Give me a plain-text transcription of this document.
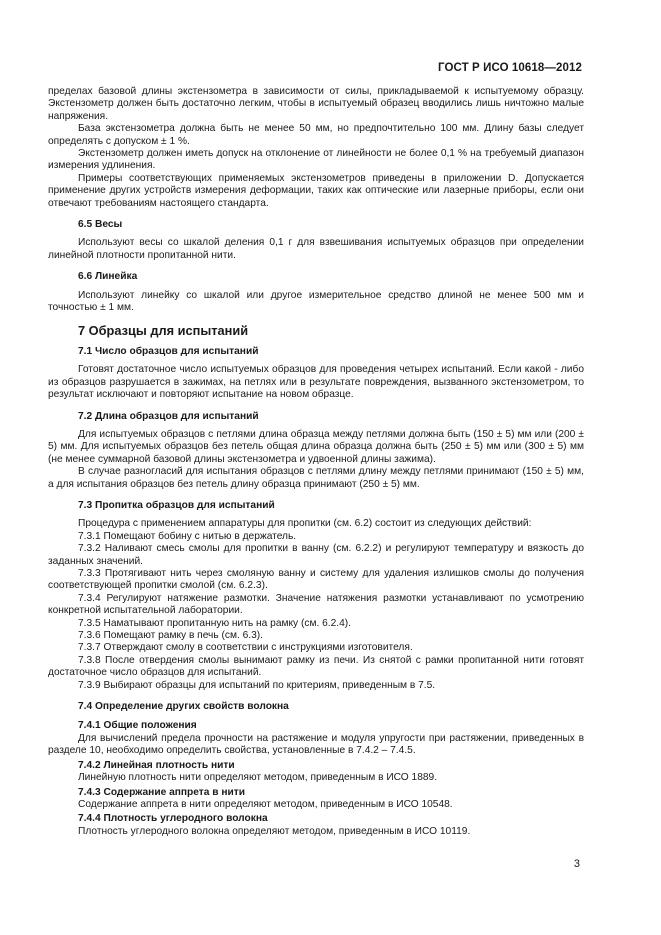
ГОСТ Р ИСО 10618—2012

пределах базовой длины экстензометра в зависимости от силы, прикладываемой к испытуемому образцу. Экстензометр должен быть достаточно легким, чтобы в испытуемый образец вводились лишь ничтожно малые напряжения.

База экстензометра должна быть не менее 50 мм, но предпочтительно 100 мм. Длину базы следует определять с допуском ± 1 %.

Экстензометр должен иметь допуск на отклонение от линейности не более 0,1 % на требуемый диапазон измерения удлинения.

Примеры соответствующих применяемых экстензометров приведены в приложении D. Допускается применение других устройств измерения деформации, таких как оптические или лазерные приборы, если они отвечают требованиям настоящего стандарта.

6.5 Весы

Используют весы со шкалой деления 0,1 г для взвешивания испытуемых образцов при определении линейной плотности пропитанной нити.

6.6 Линейка

Используют линейку со шкалой или другое измерительное средство длиной не менее 500 мм и точностью ± 1 мм.

7 Образцы для испытаний
7.1 Число образцов для испытаний

Готовят достаточное число испытуемых образцов для проведения четырех испытаний. Если какой - либо из образцов разрушается в зажимах, на петлях или в результате повреждения, вызванного экстензометром, то результат исключают и повторяют испытание на новом образце.

7.2 Длина образцов для испытаний

Для испытуемых образцов с петлями длина образца между петлями должна быть (150 ± 5) мм или (200 ± 5) мм. Для испытуемых образцов без петель общая длина образца должна быть (250 ± 5) мм или (300 ± 5) мм (не менее суммарной базовой длины экстензометра и удвоенной длины зажима).

В случае разногласий для испытания образцов с петлями длину между петлями принимают (150 ± 5) мм, а для испытания образцов без петель длину образца принимают (250 ± 5) мм.

7.3 Пропитка образцов для испытаний

Процедура с применением аппаратуры для пропитки (см. 6.2) состоит из следующих действий:

7.3.1 Помещают бобину с нитью в держатель.

7.3.2 Наливают смесь смолы для пропитки в ванну (см. 6.2.2) и регулируют температуру и вязкость до заданных значений.

7.3.3 Протягивают нить через смоляную ванну и систему для удаления излишков смолы до получения соответствующей пропитки смолой (см. 6.2.3).

7.3.4 Регулируют натяжение размотки. Значение натяжения размотки устанавливают по усмотрению конкретной испытательной лаборатории.

7.3.5 Наматывают пропитанную нить на рамку (см. 6.2.4).

7.3.6 Помещают рамку в печь (см. 6.3).

7.3.7 Отверждают смолу в соответствии с инструкциями изготовителя.

7.3.8 После отвердения смолы вынимают рамку из печи. Из снятой с рамки пропитанной нити готовят достаточное число образцов для испытаний.

7.3.9 Выбирают образцы для испытаний по критериям, приведенным в 7.5.

7.4 Определение других свойств волокна
7.4.1 Общие положения

Для вычислений предела прочности на растяжение и модуля упругости при растяжении, приведенных в разделе 10, необходимо определить свойства, установленные в 7.4.2 – 7.4.5.

7.4.2 Линейная плотность нити

Линейную плотность нити определяют методом, приведенным в ИСО 1889.

7.4.3 Содержание аппрета в нити

Содержание аппрета в нити определяют методом, приведенным в ИСО 10548.

7.4.4 Плотность углеродного волокна

Плотность углеродного волокна определяют методом, приведенным в ИСО 10119.

3
